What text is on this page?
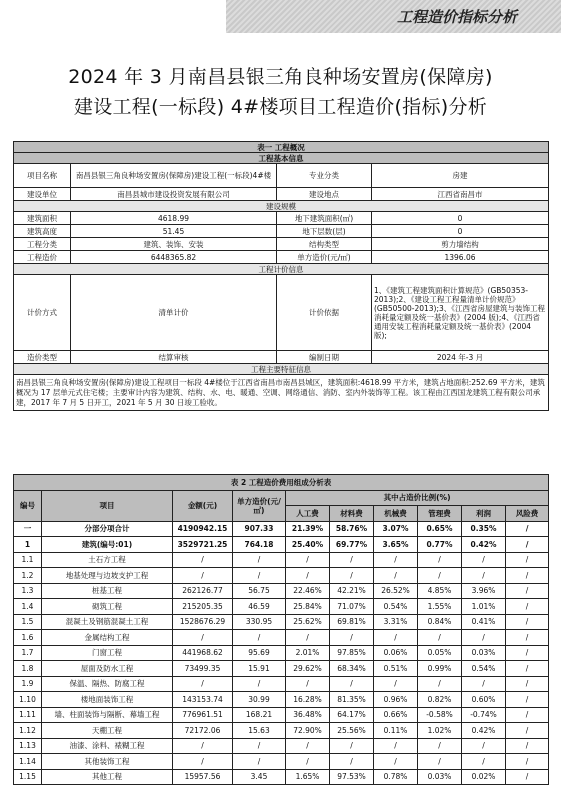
工程造价指标分析
2024 年 3 月南昌县银三角良种场安置房(保障房)
建设工程(一标段) 4#楼项目工程造价(指标)分析
表一 工程概况			
工程基本信息			
项目名称	南昌县银三角良种场安置房(保障房)建设工程(一标段)4#楼	专业分类	房建
建设单位	南昌县城市建设投资发展有限公司	建设地点	江西省南昌市
建设规模			
建筑面积	4618.99	地下建筑面积(㎡)	0
建筑高度	51.45	地下层数(层)	0
工程分类	建筑、装饰、安装	结构类型	剪力墙结构
工程造价	6448365.82	单方造价(元/㎡)	1396.06
工程计价信息			
计价方式	清单计价	计价依据	1、《建筑工程建筑面积计算规范》(GB50353-2013);2、《建设工程工程量清单计价规范》(GB50500-2013);3、《江西省房屋建筑与装饰工程消耗量定额及统一基价表》(2004 版);4、《江西省通用安装工程消耗量定额及统一基价表》(2004 版);
造价类型	结算审核	编制日期	2024 年-3 月
工程主要特征信息			
南昌县银三角良种场安置房(保障房)建设工程项目一标段 4#楼位于江西省南昌市南昌县城区，建筑面积:4618.99 平方米，建筑占地面积:252.69 平方米，建筑概况为 17 层单元式住宅楼；主要审计内容为建筑、结构、水、电、暖通、空调、网络通信、消防、室内外装饰等工程。该工程由江西国龙建筑工程有限公司承建，2017 年 7 月 5 日开工，2021 年 5 月 30 日竣工验收。			
表 2 工程造价费用组成分析表									
编号	项目	金额(元)	单方造价(元/㎡)	其中占造价比例(%)					
				人工费	材料费	机械费	管理费	利润	风险费
一	分部分项合计	4190942.15	907.33	21.39%	58.76%	3.07%	0.65%	0.35%	/
1	建筑(编号:01)	3529721.25	764.18	25.40%	69.77%	3.65%	0.77%	0.42%	/
1.1	土石方工程	/	/	/	/	/	/	/	/
1.2	地基处理与边坡支护工程	/	/	/	/	/	/	/	/
1.3	桩基工程	262126.77	56.75	22.46%	42.21%	26.52%	4.85%	3.96%	/
1.4	砌筑工程	215205.35	46.59	25.84%	71.07%	0.54%	1.55%	1.01%	/
1.5	混凝土及钢筋混凝土工程	1528676.29	330.95	25.62%	69.81%	3.31%	0.84%	0.41%	/
1.6	金属结构工程	/	/	/	/	/	/	/	/
1.7	门窗工程	441968.62	95.69	2.01%	97.85%	0.06%	0.05%	0.03%	/
1.8	屋面及防水工程	73499.35	15.91	29.62%	68.34%	0.51%	0.99%	0.54%	/
1.9	保温、隔热、防腐工程	/	/	/	/	/	/	/	/
1.10	楼地面装饰工程	143153.74	30.99	16.28%	81.35%	0.96%	0.82%	0.60%	/
1.11	墙、柱面装饰与隔断、幕墙工程	776961.51	168.21	36.48%	64.17%	0.66%	-0.58%	-0.74%	/
1.12	天棚工程	72172.06	15.63	72.90%	25.56%	0.11%	1.02%	0.42%	/
1.13	油漆、涂料、裱糊工程	/	/	/	/	/	/	/	/
1.14	其他装饰工程	/	/	/	/	/	/	/	/
1.15	其他工程	15957.56	3.45	1.65%	97.53%	0.78%	0.03%	0.02%	/
